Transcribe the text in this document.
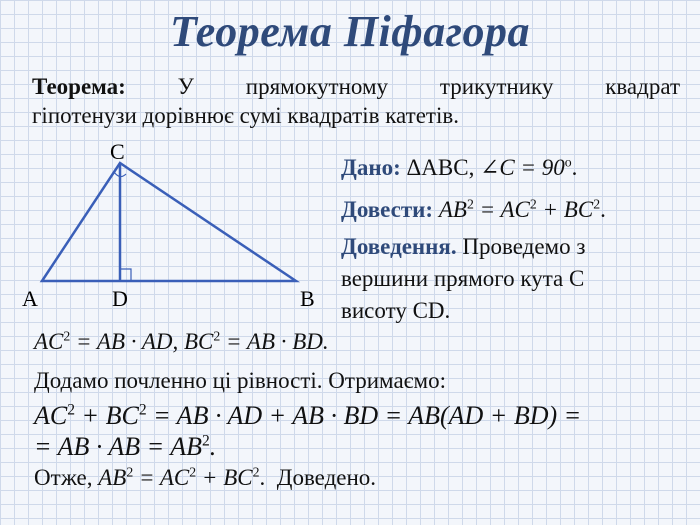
Теорема Піфагора
Теорема: У прямокутному трикутнику квадрат
гіпотенузи дорівнює сумі квадратів катетів.
C
A	D	B
Дано: ΔABC, ∠C = $90^o$.
Довести: $AB^2 = AC^2 + BC^2$.
Доведення. Проведемо з
вершини прямого кута C
висоту CD.
$AC^2$ = AB · AD, $BC^2$ = AB · BD.
Додамо почленно ці рівності. Отримаємо:
$AC^2 + BC^2$ = AB · AD + AB · BD = AB(AD + BD) =
= AB · AB = $AB^2$.
Отже, $AB^2 = AC^2 + BC^2$. Доведено.
